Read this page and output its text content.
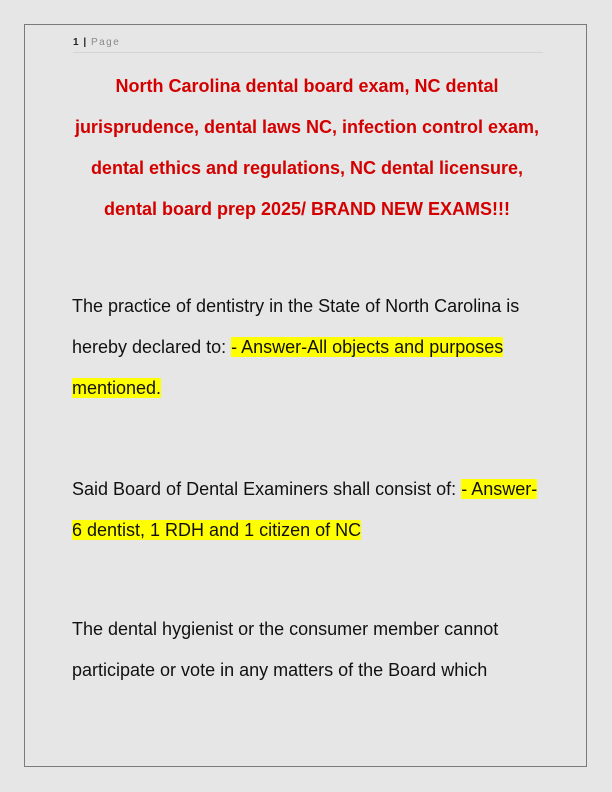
1 | Page

North Carolina dental board exam, NC dental jurisprudence, dental laws NC, infection control exam, dental ethics and regulations, NC dental licensure, dental board prep 2025/ BRAND NEW EXAMS!!!

The practice of dentistry in the State of North Carolina is hereby declared to: - Answer-All objects and purposes mentioned.

Said Board of Dental Examiners shall consist of: - Answer- 6 dentist, 1 RDH and 1 citizen of NC

The dental hygienist or the consumer member cannot participate or vote in any matters of the Board which
